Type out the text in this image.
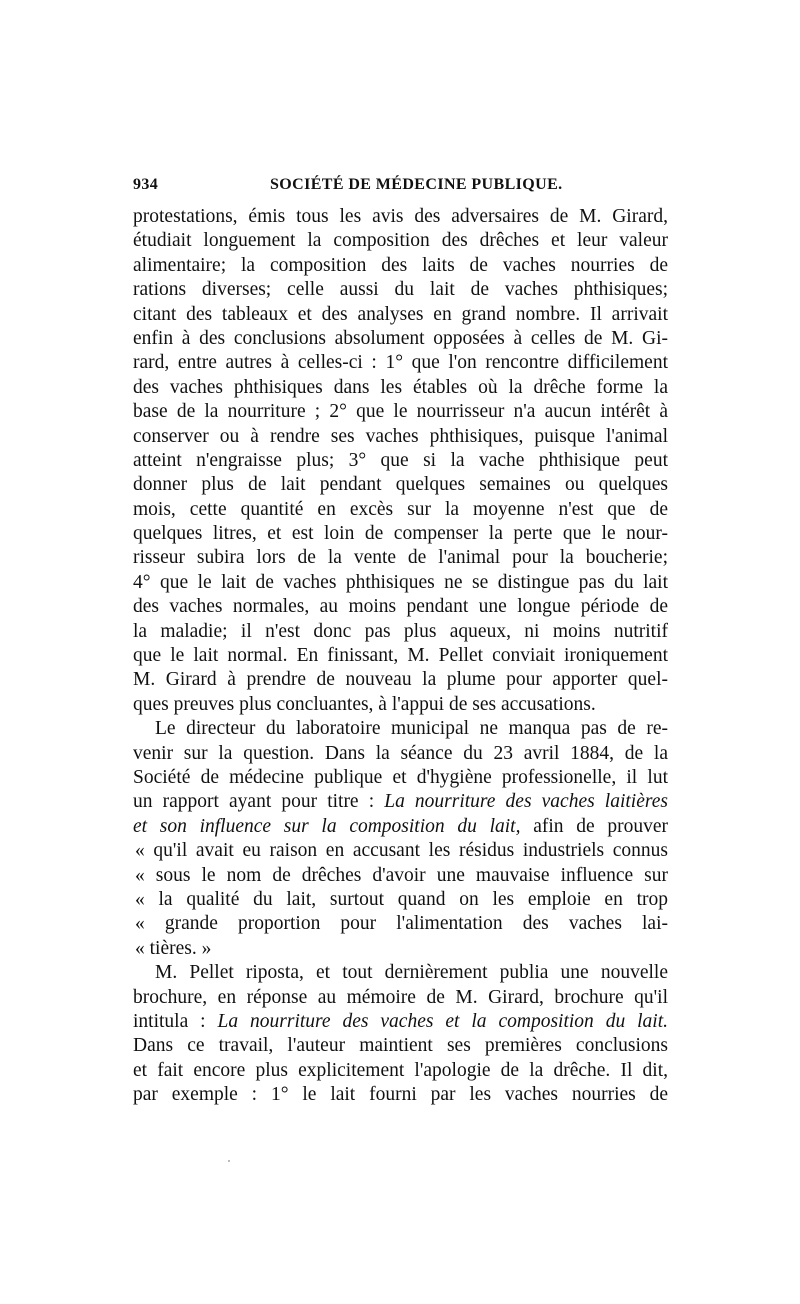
934	SOCIÉTÉ DE MÉDECINE PUBLIQUE.
protestations, émis tous les avis des adversaires de M. Girard,
étudiait longuement la composition des drêches et leur valeur
alimentaire; la composition des laits de vaches nourries de
rations diverses; celle aussi du lait de vaches phthisiques;
citant des tableaux et des analyses en grand nombre. Il arrivait
enfin à des conclusions absolument opposées à celles de M. Gi-
rard, entre autres à celles-ci : 1° que l'on rencontre difficilement
des vaches phthisiques dans les étables où la drêche forme la
base de la nourriture ; 2° que le nourrisseur n'a aucun intérêt à
conserver ou à rendre ses vaches phthisiques, puisque l'animal
atteint n'engraisse plus; 3° que si la vache phthisique peut
donner plus de lait pendant quelques semaines ou quelques
mois, cette quantité en excès sur la moyenne n'est que de
quelques litres, et est loin de compenser la perte que le nour-
risseur subira lors de la vente de l'animal pour la boucherie;
4° que le lait de vaches phthisiques ne se distingue pas du lait
des vaches normales, au moins pendant une longue période de
la maladie; il n'est donc pas plus aqueux, ni moins nutritif
que le lait normal. En finissant, M. Pellet conviait ironiquement
M. Girard à prendre de nouveau la plume pour apporter quel-
ques preuves plus concluantes, à l'appui de ses accusations.
Le directeur du laboratoire municipal ne manqua pas de re-
venir sur la question. Dans la séance du 23 avril 1884, de la
Société de médecine publique et d'hygiène professionelle, il lut
un rapport ayant pour titre : La nourriture des vaches laitières
et son influence sur la composition du lait, afin de prouver
« qu'il avait eu raison en accusant les résidus industriels connus
« sous le nom de drêches d'avoir une mauvaise influence sur
« la qualité du lait, surtout quand on les emploie en trop
« grande proportion pour l'alimentation des vaches lai-
« tières. »
M. Pellet riposta, et tout dernièrement publia une nouvelle
brochure, en réponse au mémoire de M. Girard, brochure qu'il
intitula : La nourriture des vaches et la composition du lait.
Dans ce travail, l'auteur maintient ses premières conclusions
et fait encore plus explicitement l'apologie de la drêche. Il dit,
par exemple : 1° le lait fourni par les vaches nourries de
